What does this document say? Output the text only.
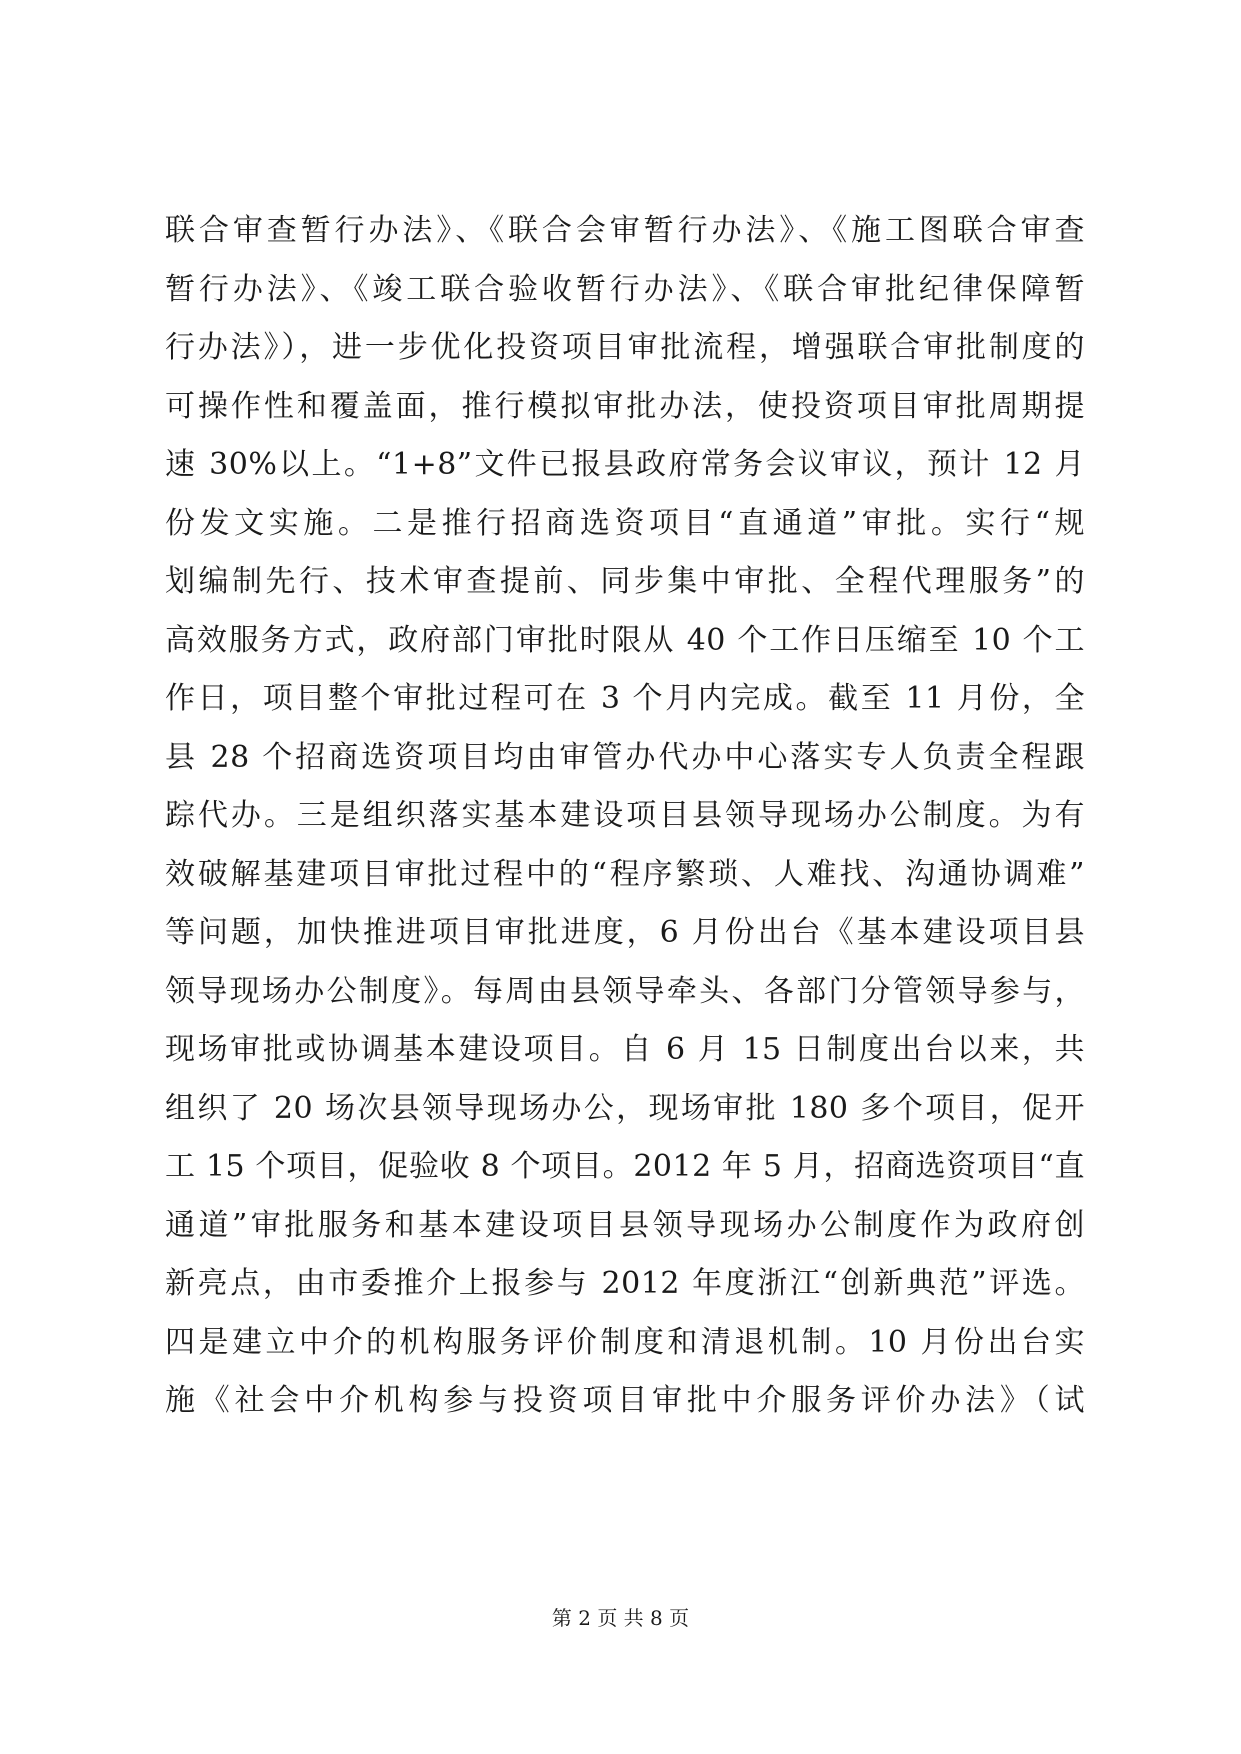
联合审查暂行办法》、《联合会审暂行办法》、《施工图联合审查
暂行办法》、《竣工联合验收暂行办法》、《联合审批纪律保障暂
行办法》），进一步优化投资项目审批流程，增强联合审批制度的
可操作性和覆盖面，推行模拟审批办法，使投资项目审批周期提
速 30%以上。“1+8”文件已报县政府常务会议审议，预计 12 月
份发文实施。二是推行招商选资项目“直通道”审批。实行“规
划编制先行、技术审查提前、同步集中审批、全程代理服务”的
高效服务方式，政府部门审批时限从 40 个工作日压缩至 10 个工
作日，项目整个审批过程可在 3 个月内完成。截至 11 月份，全
县 28 个招商选资项目均由审管办代办中心落实专人负责全程跟
踪代办。三是组织落实基本建设项目县领导现场办公制度。为有
效破解基建项目审批过程中的“程序繁琐、人难找、沟通协调难”
等问题，加快推进项目审批进度，6 月份出台《基本建设项目县
领导现场办公制度》。每周由县领导牵头、各部门分管领导参与，
现场审批或协调基本建设项目。自 6 月 15 日制度出台以来，共
组织了 20 场次县领导现场办公，现场审批 180 多个项目，促开
工 15 个项目，促验收 8 个项目。2012 年 5 月，招商选资项目“直
通道”审批服务和基本建设项目县领导现场办公制度作为政府创
新亮点，由市委推介上报参与 2012 年度浙江“创新典范”评选。
四是建立中介的机构服务评价制度和清退机制。10 月份出台实
施《社会中介机构参与投资项目审批中介服务评价办法》（试
第 2 页 共 8 页
